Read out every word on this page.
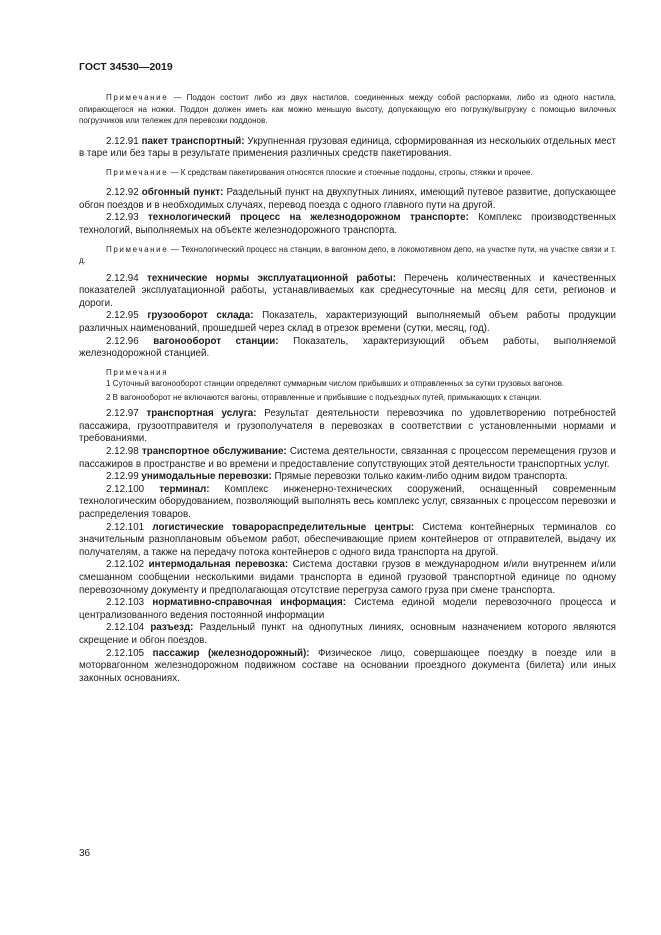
ГОСТ 34530—2019

Примечание — Поддон состоит либо из двух настилов, соединенных между собой распорками, либо из одного настила, опирающегося на ножки. Поддон должен иметь как можно меньшую высоту, допускающую его погрузку/выгрузку с помощью вилочных погрузчиков или тележек для перевозки поддонов.

2.12.91 пакет транспортный: Укрупненная грузовая единица, сформированная из нескольких отдельных мест в таре или без тары в результате применения различных средств пакетирования.

Примечание — К средствам пакетирования относятся плоские и стоечные поддоны, стропы, стяжки и прочее.

2.12.92 обгонный пункт: Раздельный пункт на двухпутных линиях, имеющий путевое развитие, допускающее обгон поездов и в необходимых случаях, перевод поезда с одного главного пути на другой.

2.12.93 технологический процесс на железнодорожном транспорте: Комплекс производственных технологий, выполняемых на объекте железнодорожного транспорта.

Примечание — Технологический процесс на станции, в вагонном депо, в локомотивном депо, на участке пути, на участке связи и т. д.

2.12.94 технические нормы эксплуатационной работы: Перечень количественных и качественных показателей эксплуатационной работы, устанавливаемых как среднесуточные на месяц для сети, регионов и дороги.

2.12.95 грузооборот склада: Показатель, характеризующий выполняемый объем работы продукции различных наименований, прошедшей через склад в отрезок времени (сутки, месяц, год).

2.12.96 вагонооборот станции: Показатель, характеризующий объем работы, выполняемой железнодорожной станцией.

Примечания

1 Суточный вагонооборот станции определяют суммарным числом прибывших и отправленных за сутки грузовых вагонов.

2 В вагонооборот не включаются вагоны, отправленные и прибывшие с подъездных путей, примыкающих к станции.

2.12.97 транспортная услуга: Результат деятельности перевозчика по удовлетворению потребностей пассажира, грузоотправителя и грузополучателя в перевозках в соответствии с установленными нормами и требованиями.

2.12.98 транспортное обслуживание: Система деятельности, связанная с процессом перемещения грузов и пассажиров в пространстве и во времени и предоставление сопутствующих этой деятельности транспортных услуг.

2.12.99 унимодальные перевозки: Прямые перевозки только каким-либо одним видом транспорта.

2.12.100 терминал: Комплекс инженерно-технических сооружений, оснащенный современным технологическим оборудованием, позволяющий выполнять весь комплекс услуг, связанных с процессом перевозки и распределения товаров.

2.12.101 логистические товарораспределительные центры: Система контейнерных терминалов со значительным разноплановым объемом работ, обеспечивающие прием контейнеров от отправителей, выдачу их получателям, а также на передачу потока контейнеров с одного вида транспорта на другой.

2.12.102 интермодальная перевозка: Система доставки грузов в международном и/или внутреннем и/или смешанном сообщении несколькими видами транспорта в единой грузовой транспортной единице по одному перевозочному документу и предполагающая отсутствие перегруза самого груза при смене транспорта.

2.12.103 нормативно-справочная информация: Система единой модели перевозочного процесса и централизованного ведения постоянной информации

2.12.104 разъезд: Раздельный пункт на однопутных линиях, основным назначением которого являются скрещение и обгон поездов.

2.12.105 пассажир (железнодорожный): Физическое лицо, совершающее поездку в поезде или в моторвагонном железнодорожном подвижном составе на основании проездного документа (билета) или иных законных основаниях.

36
